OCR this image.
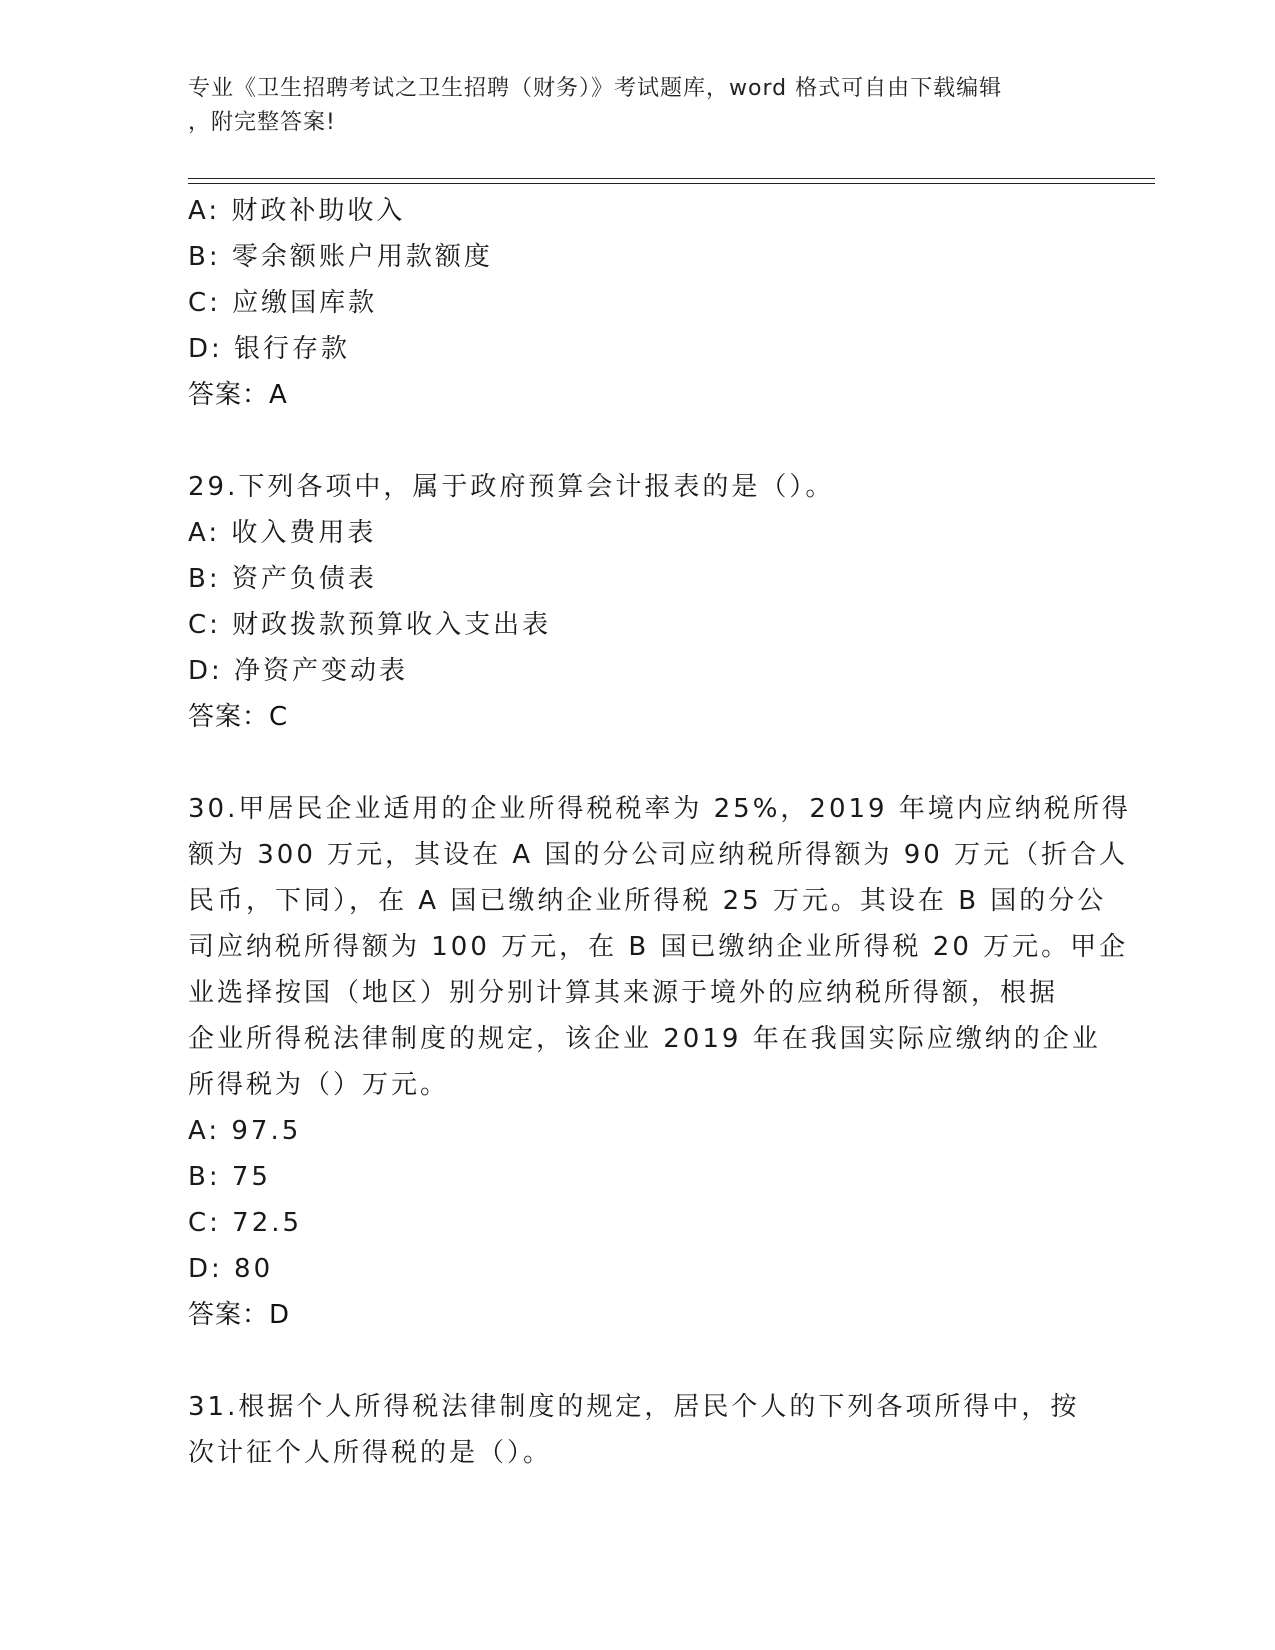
专业《卫生招聘考试之卫生招聘（财务）》考试题库，word 格式可自由下载编辑
，附完整答案!
A: 财政补助收入
B: 零余额账户用款额度
C: 应缴国库款
D: 银行存款
答案：A
29.下列各项中，属于政府预算会计报表的是（）。
A: 收入费用表
B: 资产负债表
C: 财政拨款预算收入支出表
D: 净资产变动表
答案：C
30.甲居民企业适用的企业所得税税率为 25%，2019 年境内应纳税所得
额为 300 万元，其设在 A 国的分公司应纳税所得额为 90 万元（折合人
民币，下同），在 A 国已缴纳企业所得税 25 万元。其设在 B 国的分公
司应纳税所得额为 100 万元，在 B 国已缴纳企业所得税 20 万元。甲企
业选择按国（地区）别分别计算其来源于境外的应纳税所得额，根据
企业所得税法律制度的规定，该企业 2019 年在我国实际应缴纳的企业
所得税为（）万元。
A: 97.5
B: 75
C: 72.5
D: 80
答案：D
31.根据个人所得税法律制度的规定，居民个人的下列各项所得中，按
次计征个人所得税的是（）。
